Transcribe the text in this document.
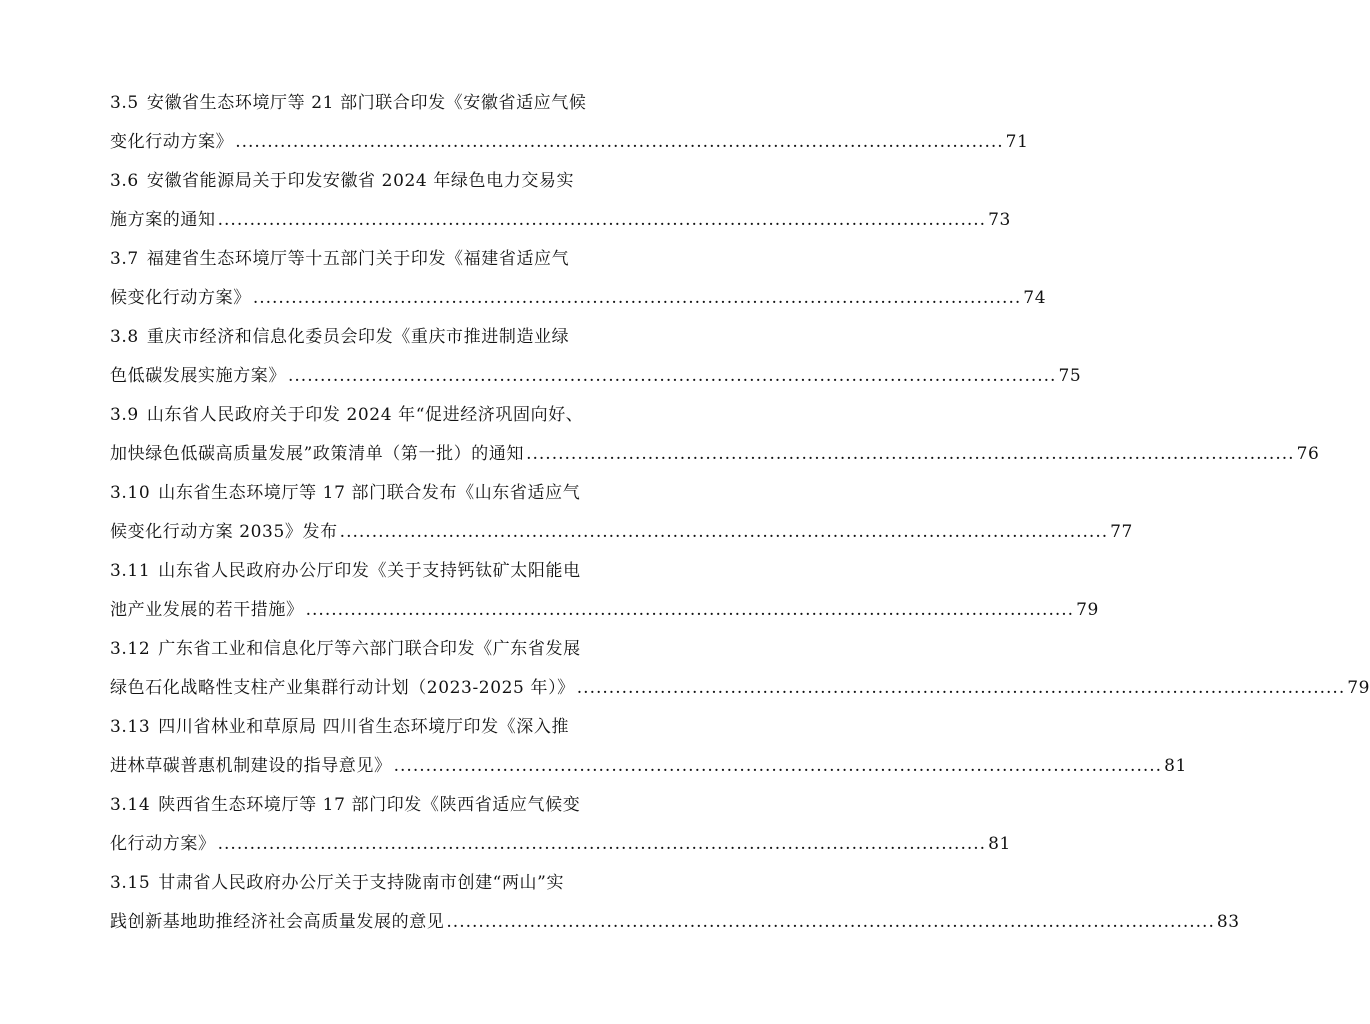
3.5 安徽省生态环境厅等 21 部门联合印发《安徽省适应气候
变化行动方案》 ........................................................................................................................ 71
3.6 安徽省能源局关于印发安徽省 2024 年绿色电力交易实
施方案的通知 ........................................................................................................................ 73
3.7 福建省生态环境厅等十五部门关于印发《福建省适应气
候变化行动方案》 ........................................................................................................................ 74
3.8 重庆市经济和信息化委员会印发《重庆市推进制造业绿
色低碳发展实施方案》 ........................................................................................................................ 75
3.9 山东省人民政府关于印发 2024 年“促进经济巩固向好、
加快绿色低碳高质量发展”政策清单（第一批）的通知 ........................................................................................................................ 76
3.10 山东省生态环境厅等 17 部门联合发布《山东省适应气
候变化行动方案 2035》发布 ........................................................................................................................ 77
3.11 山东省人民政府办公厅印发《关于支持钙钛矿太阳能电
池产业发展的若干措施》 ........................................................................................................................ 79
3.12 广东省工业和信息化厅等六部门联合印发《广东省发展
绿色石化战略性支柱产业集群行动计划（2023-2025 年）》 ........................................................................................................................ 79
3.13 四川省林业和草原局 四川省生态环境厅印发《深入推
进林草碳普惠机制建设的指导意见》 ........................................................................................................................ 81
3.14 陕西省生态环境厅等 17 部门印发《陕西省适应气候变
化行动方案》 ........................................................................................................................ 81
3.15 甘肃省人民政府办公厅关于支持陇南市创建“两山”实
践创新基地助推经济社会高质量发展的意见 ........................................................................................................................ 83
